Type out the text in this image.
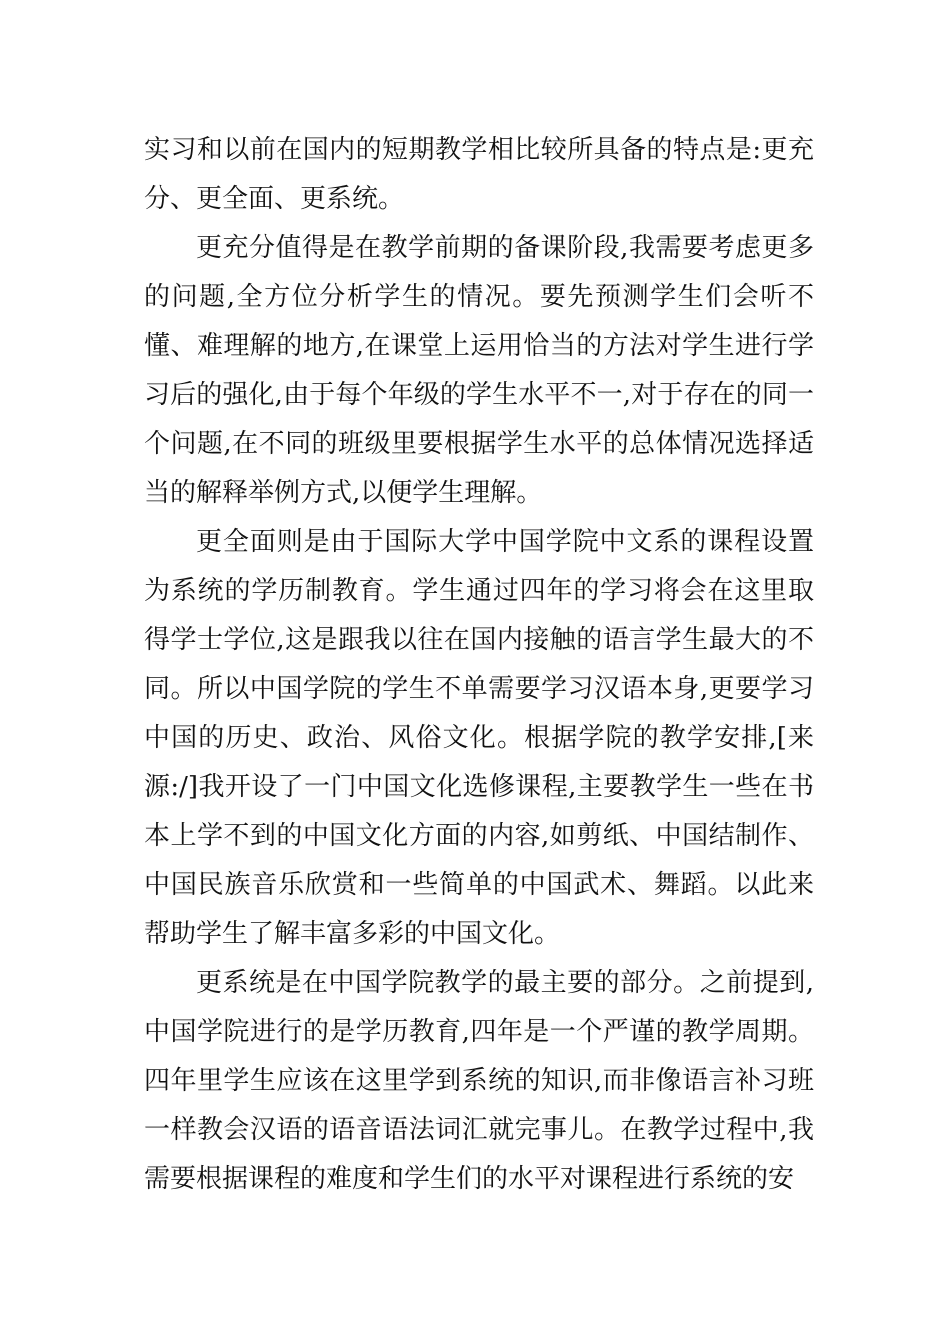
实习和以前在国内的短期教学相比较所具备的特点是:更充分、更全面、更系统。

更充分值得是在教学前期的备课阶段,我需要考虑更多的问题,全方位分析学生的情况。要先预测学生们会听不懂、难理解的地方,在课堂上运用恰当的方法对学生进行学习后的强化,由于每个年级的学生水平不一,对于存在的同一个问题,在不同的班级里要根据学生水平的总体情况选择适当的解释举例方式,以便学生理解。

更全面则是由于国际大学中国学院中文系的课程设置为系统的学历制教育。学生通过四年的学习将会在这里取得学士学位,这是跟我以往在国内接触的语言学生最大的不同。所以中国学院的学生不单需要学习汉语本身,更要学习中国的历史、政治、风俗文化。根据学院的教学安排,[来源:/]我开设了一门中国文化选修课程,主要教学生一些在书本上学不到的中国文化方面的内容,如剪纸、中国结制作、中国民族音乐欣赏和一些简单的中国武术、舞蹈。以此来帮助学生了解丰富多彩的中国文化。

更系统是在中国学院教学的最主要的部分。之前提到,中国学院进行的是学历教育,四年是一个严谨的教学周期。四年里学生应该在这里学到系统的知识,而非像语言补习班一样教会汉语的语音语法词汇就完事儿。在教学过程中,我需要根据课程的难度和学生们的水平对课程进行系统的安
